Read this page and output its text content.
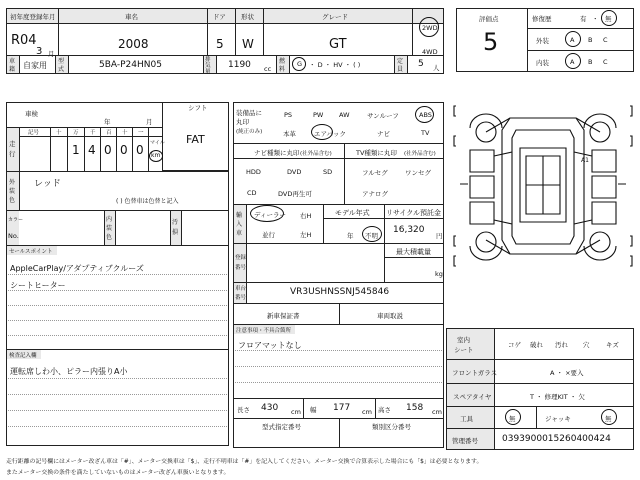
初年度登録年月	車名	ドア 形状	グレード
R04
3 月
2008	5 W	GT
2WD
4WD
車
籍 自家用 型
式	5BA-P24HN05	排
気
量
1190 cc
燃
料
G ・ D ・ HV ・ ( )	定
員
5 人
シフト
FAT
車検
年	月
走
行
記号	十 万 千 百 十 一
1 4 0 0 0 マイル
km
外
装
色
レッド
( ) 色替車は色替と記入
カラー
No.
内
装
色
汚
損
セールスポイント
AppleCarPlay/アダプティブクルーズ
シートヒーター
検査記入欄
運転席しわ小、ピラー内張りA小
装備品に
丸印
(純正のみ)
PS	PW AW	サンルーフ	ABS
本革	エアバック	ナビ	TV
ナビ種類に丸印 (社外品含む)	TV種類に丸印 (社外品含む)
HDD	DVD	SD
CD	DVD再生可
フルセグ	ワンセグ
アナログ
輸
入
車
ディーラー
並行
右H
左H
モデル年式
年 不明
リサイクル預託金
16,320
円
登録
番号
最大積載量
kg
車台
番号
VR3USHNSSNJ545846
新車保証書	車両取説
注意事項・不具合箇所
フロアマットなし
長さ 430 cm 幅 177 cm 高さ 158 cm
型式指定番号	類別区分番号
評価点
5
修復歴	有 ・ 無
外装	A B C
内装	A B C
A1
室内
シート
コゲ 破れ 汚れ 穴	キズ
フロントガラス	A ・ ×要入
スペアタイヤ	T ・ 修理KIT ・ 欠
工具	無	ジャッキ	無
管理番号	0393900015260400424
走行距離の記号欄にはメーター改ざん車は「#」、メーター交換車は「$」、走行不明車は「#」を記入してください。メーター交換で合算表示した場合にも「$」は必要となります。
またメーター交換の条件を満たしていないものはメーター改ざん車扱いとなります。
